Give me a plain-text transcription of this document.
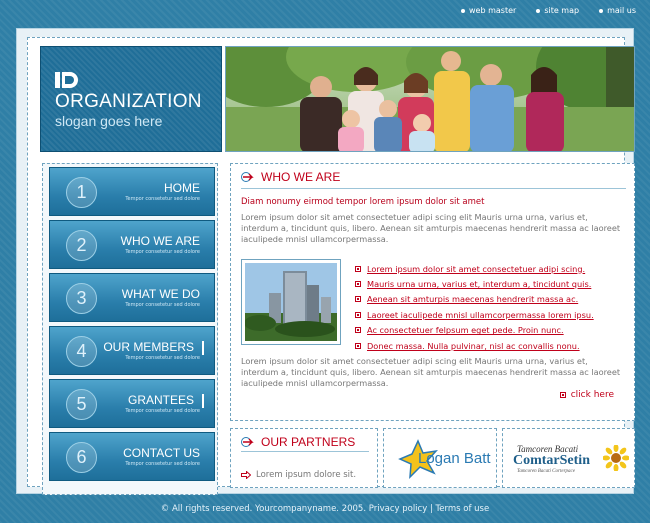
web master	site map	mail us
ORGANIZATION
slogan goes here
1	HOME
Tempor consetetur sed dolore
2	WHO WE ARE
Tempor consetetur sed dolore
3	WHAT WE DO
Tempor consetetur sed dolore
4	OUR MEMBERS
Tempor consetetur sed dolore
5	GRANTEES
Tempor consetetur sed dolore
6	CONTACT US
Tempor consetetur sed dolore
WHO WE ARE
Diam nonumy eirmod tempor lorem ipsum dolor sit amet
Lorem ipsum dolor sit amet consectetuer adipi scing elit Mauris urna urna, varius et, interdum a, tincidunt quis, libero. Aenean sit amturpis maecenas hendrerit massa ac laoreet iaculipede mnisl ullamcorpermassa.
Lorem ipsum dolor sit amet consectetuer adipi scing.
Mauris urna urna, varius et, interdum a, tincidunt quis.
Aenean sit amturpis maecenas hendrerit massa ac.
Laoreet iaculipede mnisl ullamcorpermassa lorem ipsu.
Ac consectetuer felpsum eget pede. Proin nunc.
Donec massa. Nulla pulvinar, nisl ac convallis nonu.
Lorem ipsum dolor sit amet consectetuer adipi scing elit Mauris urna urna, varius et, interdum a, tincidunt quis, libero. Aenean sit amturpis maecenas hendrerit massa ac laoreet iaculipede mnisl ullamcorpermassa.
click here
OUR PARTNERS
Lorem ipsum dolore sit.
Logan Batt
Tamcoren Bacati
ComtarSetin
Tamcoren Bacati Corterpace
© All rights reserved. Yourcompanyname. 2005. Privacy policy | Terms of use
